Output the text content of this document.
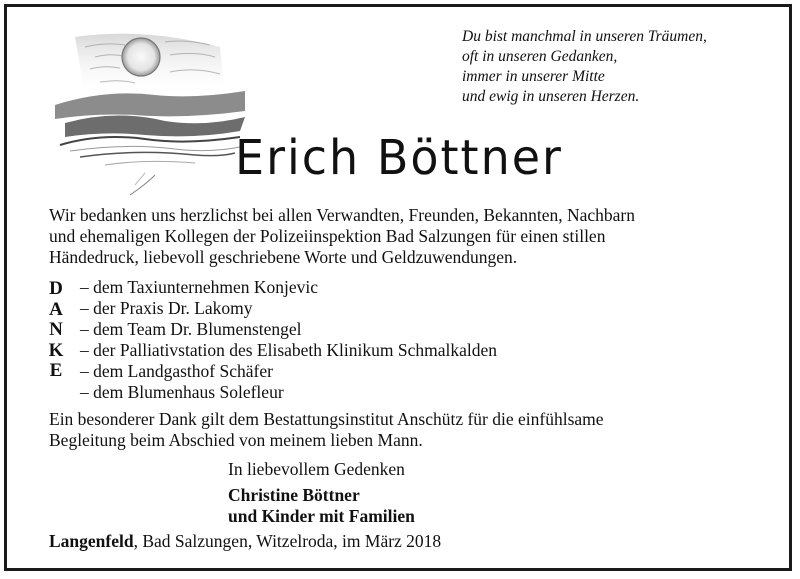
Du bist manchmal in unseren Träumen,
oft in unseren Gedanken,
immer in unserer Mitte
und ewig in unseren Herzen.
Erich Böttner
Wir bedanken uns herzlichst bei allen Verwandten, Freunden, Bekannten, Nachbarn
und ehemaligen Kollegen der Polizeiinspektion Bad Salzungen für einen stillen
Händedruck, liebevoll geschriebene Worte und Geldzuwendungen.
D
A
N
K
E
– dem Taxiunternehmen Konjevic
– der Praxis Dr. Lakomy
– dem Team Dr. Blumenstengel
– der Palliativstation des Elisabeth Klinikum Schmalkalden
– dem Landgasthof Schäfer
– dem Blumenhaus Solefleur
Ein besonderer Dank gilt dem Bestattungsinstitut Anschütz für die einfühlsame
Begleitung beim Abschied von meinem lieben Mann.
In liebevollem Gedenken
Christine Böttner
und Kinder mit Familien
Langenfeld, Bad Salzungen, Witzelroda, im März 2018
